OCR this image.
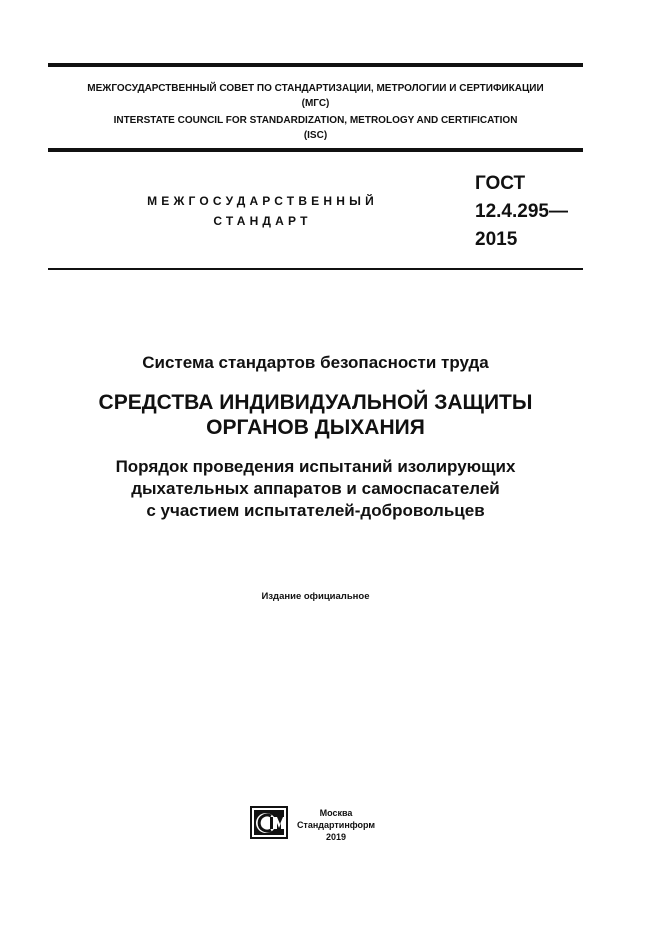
МЕЖГОСУДАРСТВЕННЫЙ СОВЕТ ПО СТАНДАРТИЗАЦИИ, МЕТРОЛОГИИ И СЕРТИФИКАЦИИ
(МГС)
INTERSTATE COUNCIL FOR STANDARDIZATION, METROLOGY AND CERTIFICATION
(ISC)
МЕЖГОСУДАРСТВЕННЫЙ
СТАНДАРТ
ГОСТ
12.4.295—
2015
Система стандартов безопасности труда
СРЕДСТВА ИНДИВИДУАЛЬНОЙ ЗАЩИТЫ
ОРГАНОВ ДЫХАНИЯ
Порядок проведения испытаний изолирующих
дыхательных аппаратов и самоспасателей
с участием испытателей-добровольцев
Издание официальное
Москва
Стандартинформ
2019
